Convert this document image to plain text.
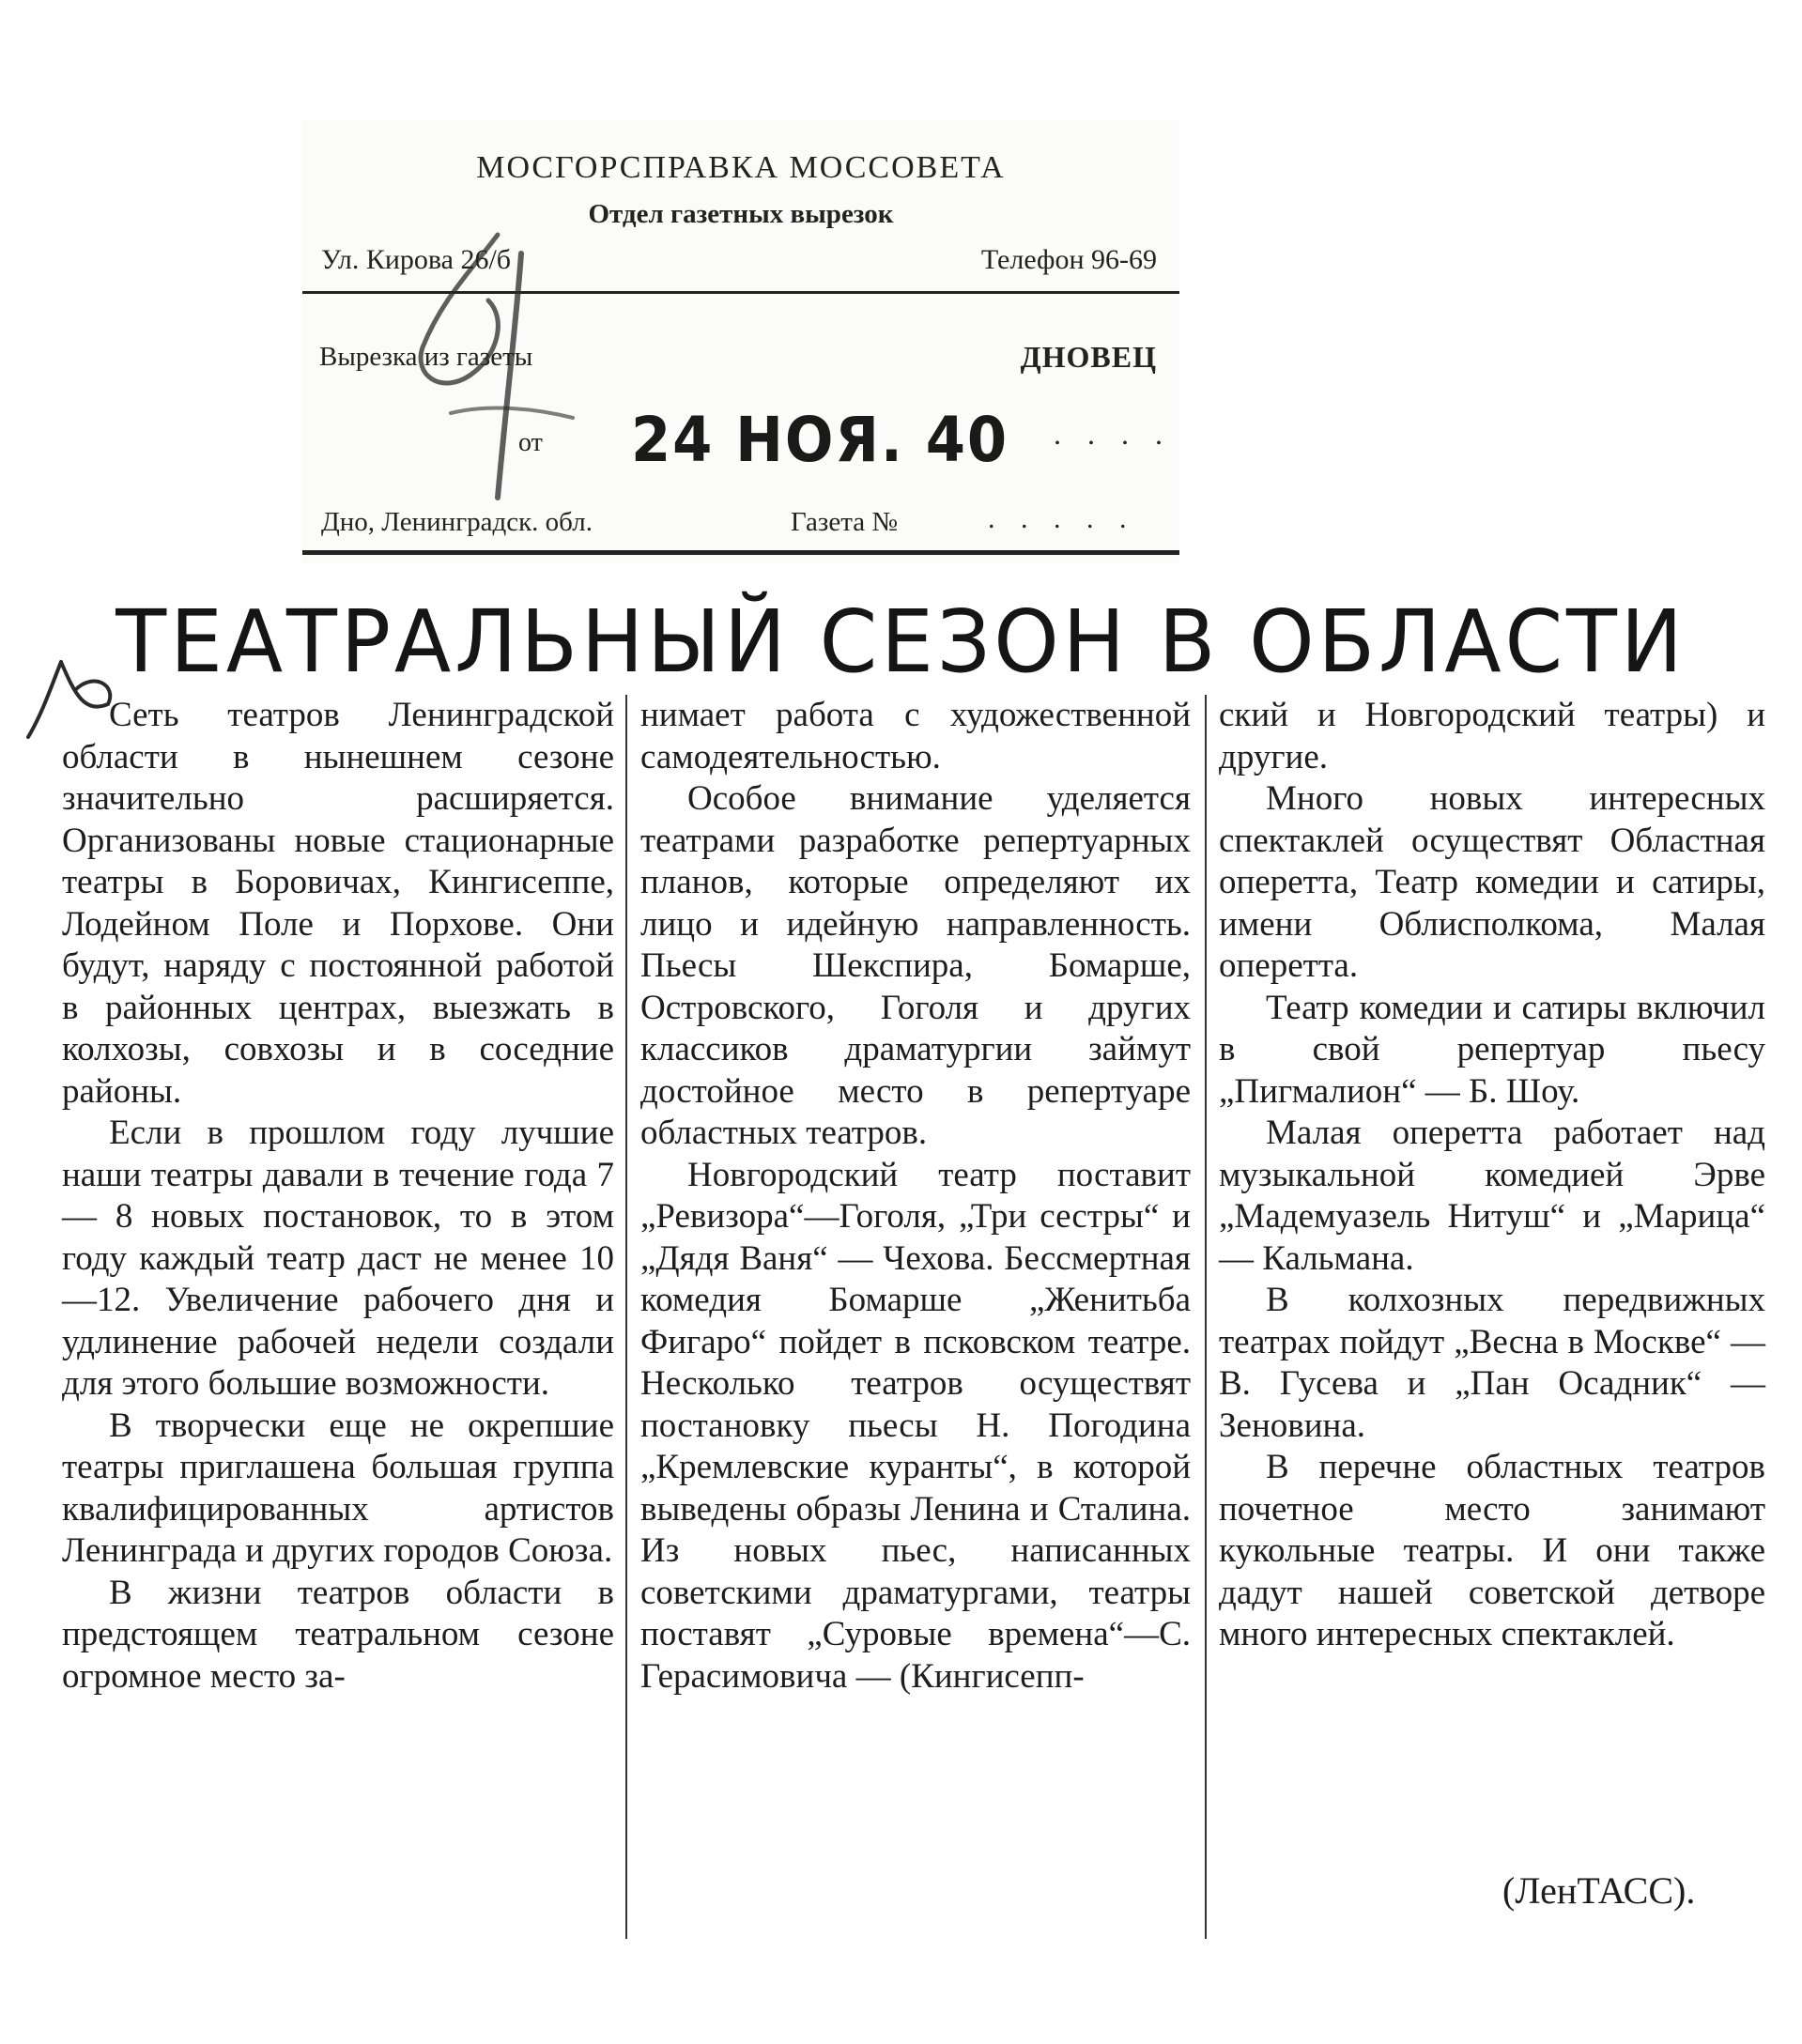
МОСГОРСПРАВКА МОССОВЕТА
Отдел газетных вырезок
Ул. Кирова 26/б	Телефон 96-69
Вырезка из газеты	ДНОВЕЦ
от 24 НОЯ. 40 . . . .
Дно, Ленинградск. обл.	Газета №	. . . . .
ТЕАТРАЛЬНЫЙ СЕЗОН В ОБЛАСТИ

Сеть театров Ленинградской области в нынешнем сезоне значительно расширяется. Организованы новые стационарные театры в Боровичах, Кингисеппе, Лодейном Поле и Порхове. Они будут, наряду с постоянной работой в районных центрах, выезжать в колхозы, совхозы и в соседние районы.

Если в прошлом году лучшие наши театры давали в течение года 7 — 8 новых постановок, то в этом году каждый театр даст не менее 10—12. Увеличение рабочего дня и удлинение рабочей недели создали для этого большие возможности.

В творчески еще не окрепшие театры приглашена большая группа квалифицированных артистов Ленинграда и других городов Союза.

В жизни театров области в предстоящем театральном сезоне огромное место за-

нимает работа с художественной самодеятельностью.

Особое внимание уделяется театрами разработке репертуарных планов, которые определяют их лицо и идейную направленность. Пьесы Шекспира, Бомарше, Островского, Гоголя и других классиков драматургии займут достойное место в репертуаре областных театров.

Новгородский театр поставит „Ревизора“—Гоголя, „Три сестры“ и „Дядя Ваня“ — Чехова. Бессмертная комедия Бомарше „Женитьба Фигаро“ пойдет в псковском театре. Несколько театров осуществят постановку пьесы Н. Погодина „Кремлевские куранты“, в которой выведены образы Ленина и Сталина. Из новых пьес, написанных советскими драматургами, театры поставят „Суровые времена“—С. Герасимовича — (Кингисепп-

ский и Новгородский театры) и другие.

Много новых интересных спектаклей осуществят Областная оперетта, Театр комедии и сатиры, имени Облисполкома, Малая оперетта.

Театр комедии и сатиры включил в свой репертуар пьесу „Пигмалион“ — Б. Шоу.

Малая оперетта работает над музыкальной комедией Эрве „Мадемуазель Нитуш“ и „Марица“ — Кальмана.

В колхозных передвижных театрах пойдут „Весна в Москве“ — В. Гусева и „Пан Осадник“ — Зеновина.

В перечне областных театров почетное место занимают кукольные театры. И они также дадут нашей советской детворе много интересных спектаклей.

(ЛенТАСС).
